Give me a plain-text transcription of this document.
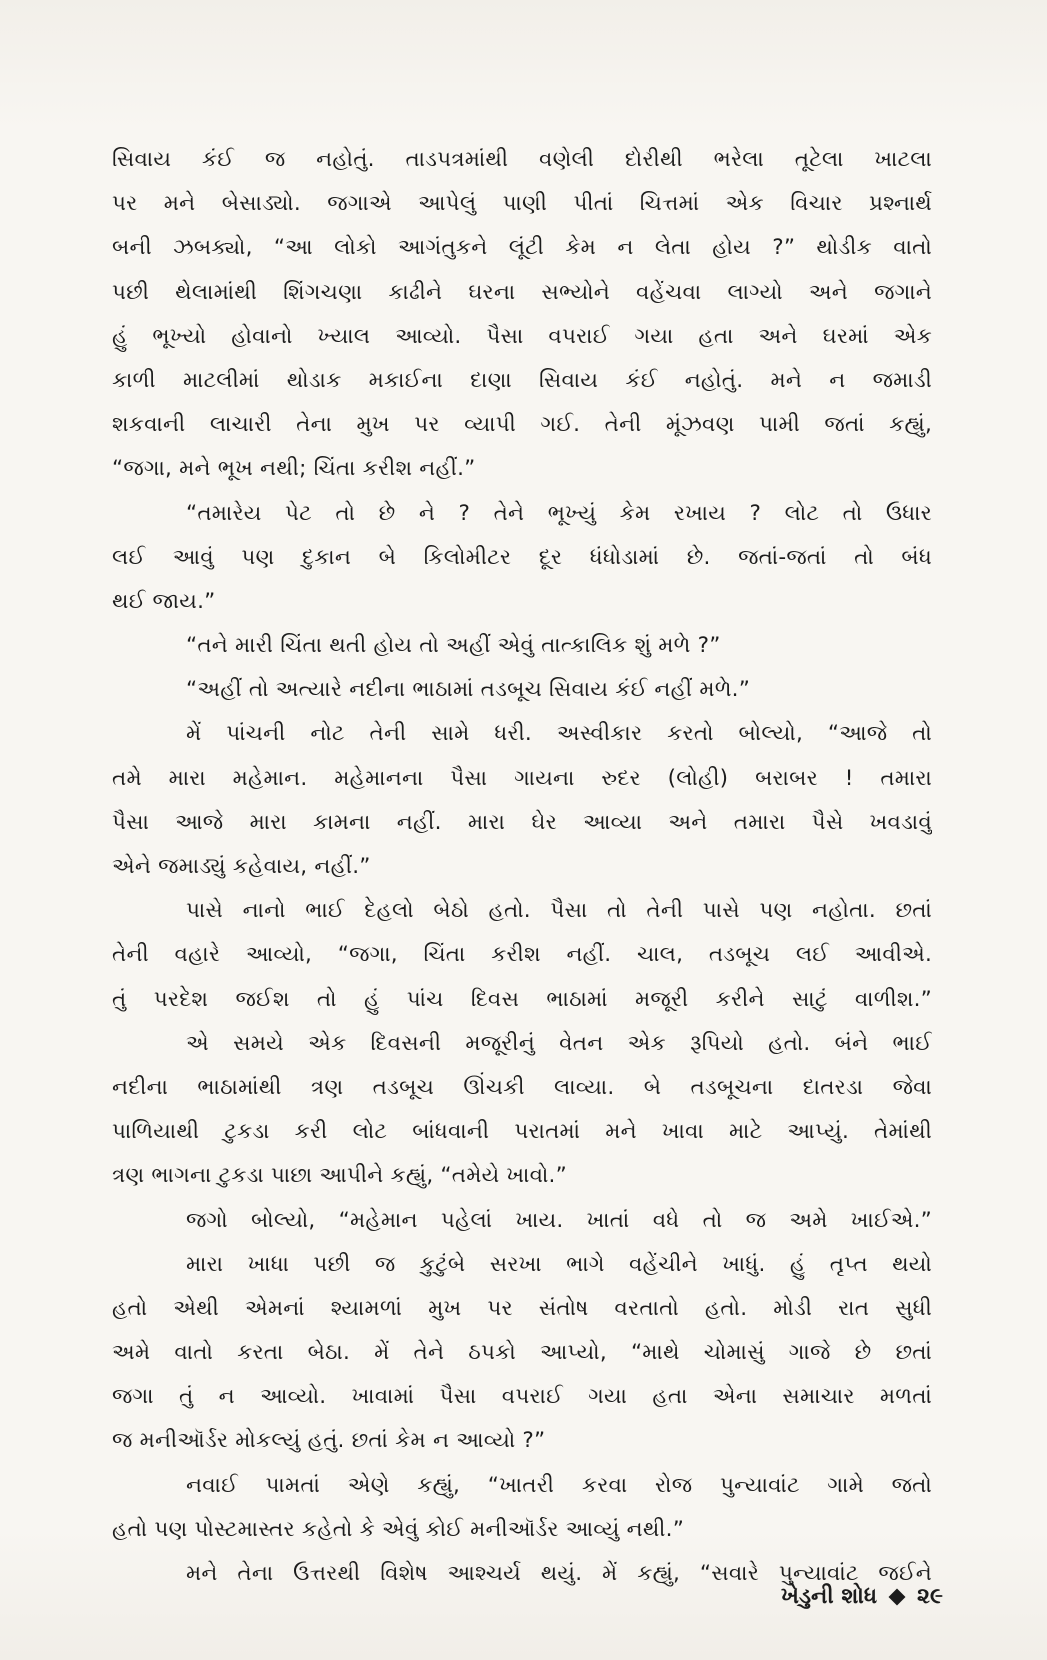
સિવાય કંઈ જ નહોતું. તાડપત્રમાંથી વણેલી દોરીથી ભરેલા તૂટેલા ખાટલા
પર મને બેસાડ્યો. જગાએ આપેલું પાણી પીતાં ચિત્તમાં એક વિચાર પ્રશ્નાર્થ
બની ઝબક્યો, “આ લોકો આગંતુકને લૂંટી કેમ ન લેતા હોય ?” થોડીક વાતો
પછી થેલામાંથી શિંગચણા કાઢીને ઘરના સભ્યોને વહેંચવા લાગ્યો અને જગાને
હું ભૂખ્યો હોવાનો ખ્યાલ આવ્યો. પૈસા વપરાઈ ગયા હતા અને ઘરમાં એક
કાળી માટલીમાં થોડાક મકાઈના દાણા સિવાય કંઈ નહોતું. મને ન જમાડી
શકવાની લાચારી તેના મુખ પર વ્યાપી ગઈ. તેની મૂંઝવણ પામી જતાં કહ્યું,
“જગા, મને ભૂખ નથી; ચિંતા કરીશ નહીં.”
“તમારેય પેટ તો છે ને ? તેને ભૂખ્યું કેમ રખાય ? લોટ તો ઉધાર
લઈ આવું પણ દુકાન બે કિલોમીટર દૂર ધંધોડામાં છે. જતાં-જતાં તો બંધ
થઈ જાય.”
“તને મારી ચિંતા થતી હોય તો અહીં એવું તાત્કાલિક શું મળે ?”
“અહીં તો અત્યારે નદીના ભાઠામાં તડબૂચ સિવાય કંઈ નહીં મળે.”
મેં પાંચની નોટ તેની સામે ધરી. અસ્વીકાર કરતો બોલ્યો, “આજે તો
તમે મારા મહેમાન. મહેમાનના પૈસા ગાયના રુદર (લોહી) બરાબર ! તમારા
પૈસા આજે મારા કામના નહીં. મારા ઘેર આવ્યા અને તમારા પૈસે ખવડાવું
એને જમાડ્યું કહેવાય, નહીં.”
પાસે નાનો ભાઈ દેહલો બેઠો હતો. પૈસા તો તેની પાસે પણ નહોતા. છતાં
તેની વહારે આવ્યો, “જગા, ચિંતા કરીશ નહીં. ચાલ, તડબૂચ લઈ આવીએ.
તું પરદેશ જઈશ તો હું પાંચ દિવસ ભાઠામાં મજૂરી કરીને સાટું વાળીશ.”
એ સમયે એક દિવસની મજૂરીનું વેતન એક રૂપિયો હતો. બંને ભાઈ
નદીના ભાઠામાંથી ત્રણ તડબૂચ ઊંચકી લાવ્યા. બે તડબૂચના દાતરડા જેવા
પાળિયાથી ટુકડા કરી લોટ બાંધવાની પરાતમાં મને ખાવા માટે આપ્યું. તેમાંથી
ત્રણ ભાગના ટુકડા પાછા આપીને કહ્યું, “તમેયે ખાવો.”
જગો બોલ્યો, “મહેમાન પહેલાં ખાય. ખાતાં વધે તો જ અમે ખાઈએ.”
મારા ખાધા પછી જ કુટુંબે સરખા ભાગે વહેંચીને ખાધું. હું તૃપ્ત થયો
હતો એથી એમનાં શ્યામળાં મુખ પર સંતોષ વરતાતો હતો. મોડી રાત સુધી
અમે વાતો કરતા બેઠા. મેં તેને ઠપકો આપ્યો, “માથે ચોમાસું ગાજે છે છતાં
જગા તું ન આવ્યો. ખાવામાં પૈસા વપરાઈ ગયા હતા એના સમાચાર મળતાં
જ મનીઑર્ડર મોકલ્યું હતું. છતાં કેમ ન આવ્યો ?”
નવાઈ પામતાં એણે કહ્યું, “ખાતરી કરવા રોજ પુન્યાવાંટ ગામે જતો
હતો પણ પોસ્ટમાસ્તર કહેતો કે એવું કોઈ મનીઑર્ડર આવ્યું નથી.”
મને તેના ઉત્તરથી વિશેષ આશ્ચર્ય થયું. મેં કહ્યું, “સવારે પુન્યાવાંટ જઈને
ખેડુની શોધ ૨૯
